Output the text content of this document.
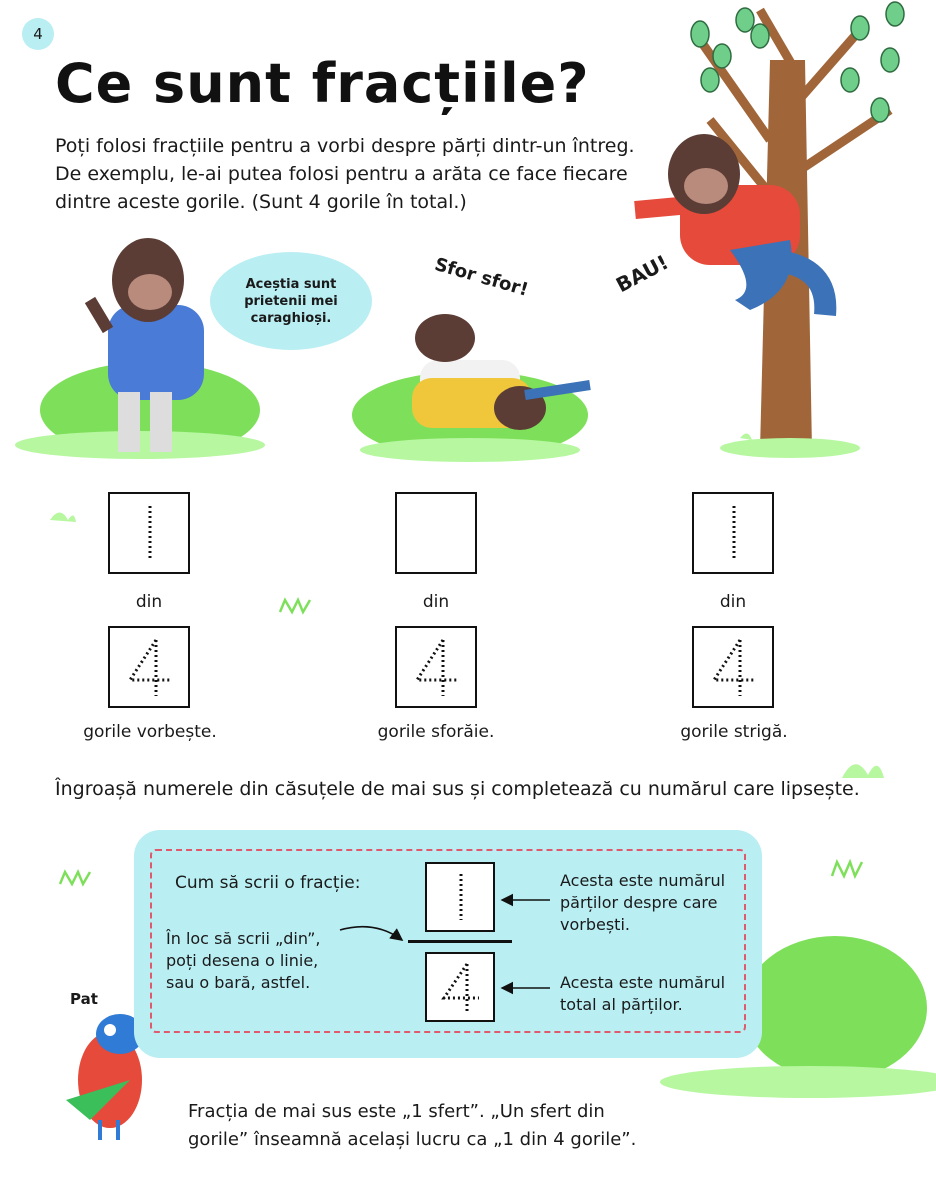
4
Ce sunt fracțiile?
Poți folosi fracțiile pentru a vorbi despre părți dintr-un întreg.
De exemplu, le-ai putea folosi pentru a arăta ce face fiecare
dintre aceste gorile. (Sunt 4 gorile în total.)
Aceștia sunt
prietenii mei
caraghioși.
Sfor sfor!	BAU!
din
gorile vorbește.
din
gorile sforăie.
din
gorile strigă.
Îngroașă numerele din căsuțele de mai sus și completează cu numărul care lipsește.
Cum să scrii o fracție:
În loc să scrii „din”,
poți desena o linie,
sau o bară, astfel.
Acesta este numărul
părților despre care
vorbești.
Acesta este numărul
total al părților.
Pat
Fracția de mai sus este „1 sfert”. „Un sfert din
gorile” înseamnă același lucru ca „1 din 4 gorile”.
